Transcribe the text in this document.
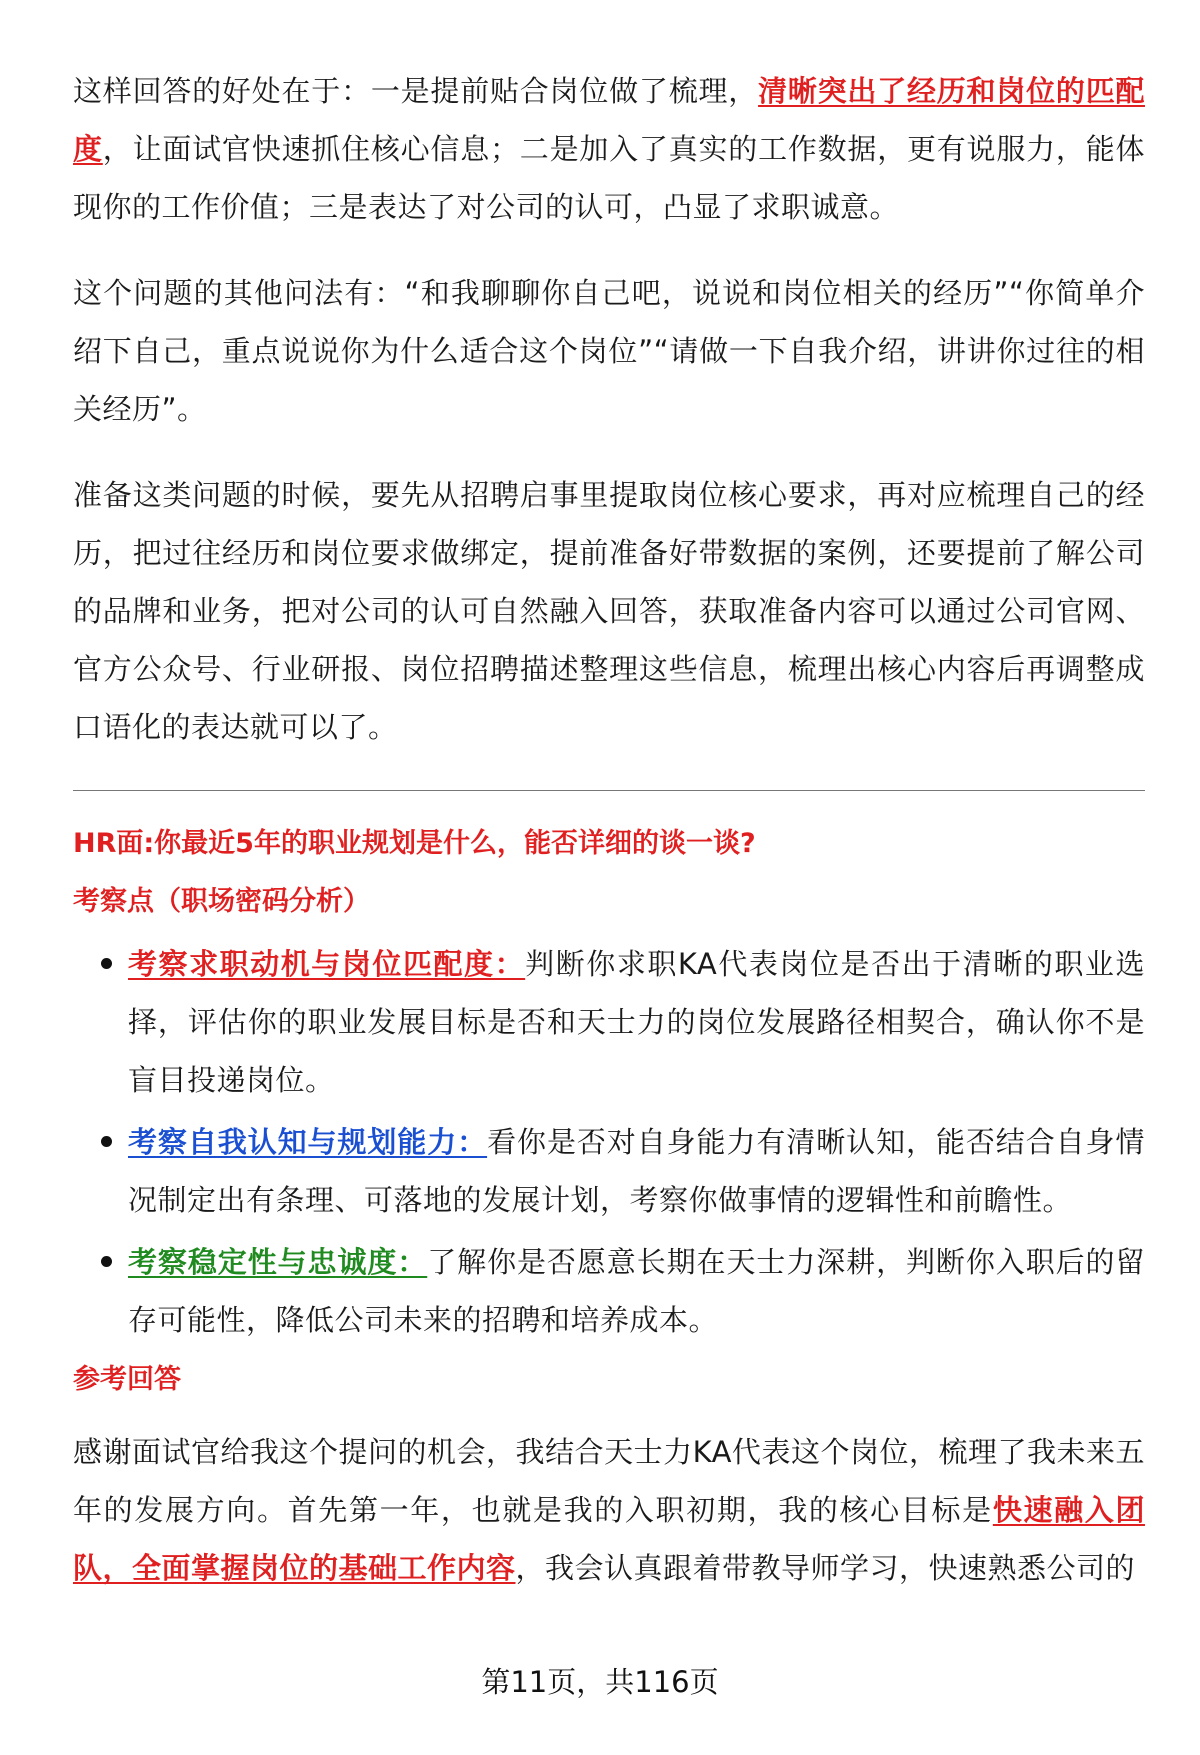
这样回答的好处在于：一是提前贴合岗位做了梳理，清晰突出了经历和岗位的匹配度，让面试官快速抓住核心信息；二是加入了真实的工作数据，更有说服力，能体现你的工作价值；三是表达了对公司的认可，凸显了求职诚意。

这个问题的其他问法有：“和我聊聊你自己吧，说说和岗位相关的经历”“你简单介绍下自己，重点说说你为什么适合这个岗位”“请做一下自我介绍，讲讲你过往的相关经历”。

准备这类问题的时候，要先从招聘启事里提取岗位核心要求，再对应梳理自己的经历，把过往经历和岗位要求做绑定，提前准备好带数据的案例，还要提前了解公司的品牌和业务，把对公司的认可自然融入回答，获取准备内容可以通过公司官网、官方公众号、行业研报、岗位招聘描述整理这些信息，梳理出核心内容后再调整成口语化的表达就可以了。

HR面:你最近5年的职业规划是什么，能否详细的谈一谈?
考察点（职场密码分析）
考察求职动机与岗位匹配度：判断你求职KA代表岗位是否出于清晰的职业选择，评估你的职业发展目标是否和天士力的岗位发展路径相契合，确认你不是盲目投递岗位。
考察自我认知与规划能力：看你是否对自身能力有清晰认知，能否结合自身情况制定出有条理、可落地的发展计划，考察你做事情的逻辑性和前瞻性。
考察稳定性与忠诚度：了解你是否愿意长期在天士力深耕，判断你入职后的留存可能性，降低公司未来的招聘和培养成本。
参考回答

感谢面试官给我这个提问的机会，我结合天士力KA代表这个岗位，梳理了我未来五年的发展方向。首先第一年，也就是我的入职初期，我的核心目标是快速融入团队，全面掌握岗位的基础工作内容，我会认真跟着带教导师学习，快速熟悉公司的

第11页，共116页
